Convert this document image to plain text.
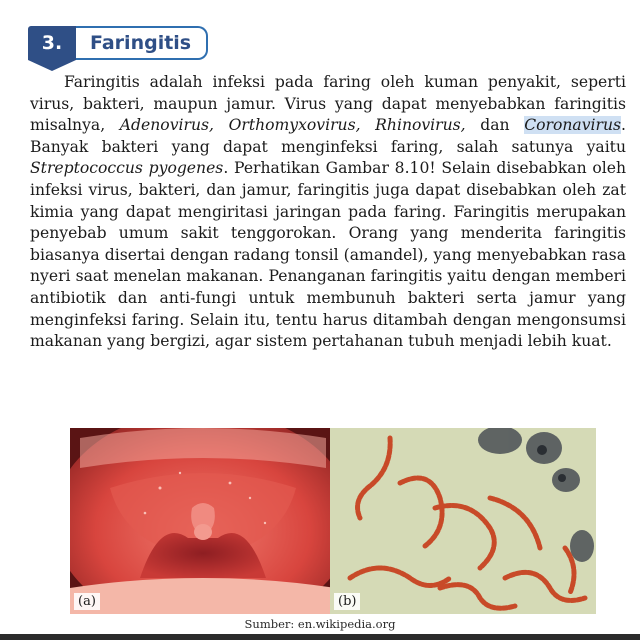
3.	Faringitis

Faringitis adalah infeksi pada faring oleh kuman penyakit, seperti virus, bakteri, maupun jamur. Virus yang dapat menyebabkan faringitis misalnya, Adenovirus, Orthomyxovirus, Rhinovirus, dan Coronavirus. Banyak bakteri yang dapat menginfeksi faring, salah satunya yaitu Streptococcus pyogenes. Perhatikan Gambar 8.10! Selain disebabkan oleh infeksi virus, bakteri, dan jamur, faringitis juga dapat disebabkan oleh zat kimia yang dapat mengiritasi jaringan pada faring. Faringitis merupakan penyebab umum sakit tenggorokan. Orang yang menderita faringitis biasanya disertai dengan radang tonsil (amandel), yang menyebabkan rasa nyeri saat menelan makanan. Penanganan faringitis yaitu dengan memberi antibiotik dan anti-fungi untuk membunuh bakteri serta jamur yang menginfeksi faring. Selain itu, tentu harus ditambah dengan mengonsumsi makanan yang bergizi, agar sistem pertahanan tubuh menjadi lebih kuat.

(a)	(b)
Sumber: en.wikipedia.org
